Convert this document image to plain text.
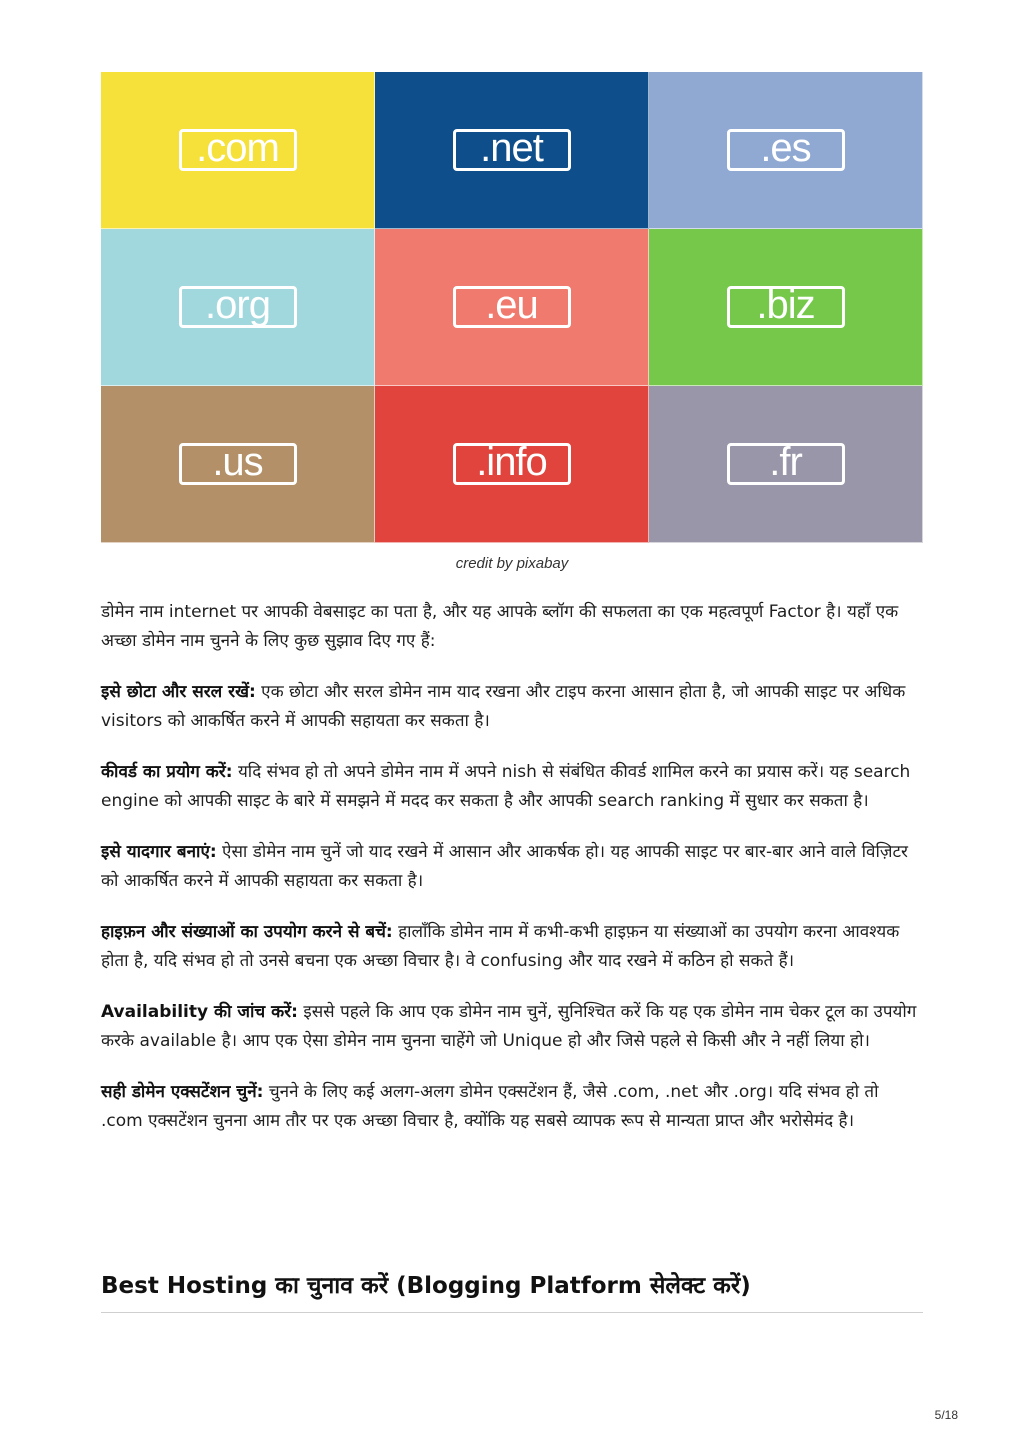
.com	.net	.es
.org	.eu	.biz
.us	.info	.fr
credit by pixabay

डोमेन नाम internet पर आपकी वेबसाइट का पता है, और यह आपके ब्लॉग की सफलता का एक महत्वपूर्ण Factor है। यहाँ एक अच्छा डोमेन नाम चुनने के लिए कुछ सुझाव दिए गए हैं:

इसे छोटा और सरल रखें: एक छोटा और सरल डोमेन नाम याद रखना और टाइप करना आसान होता है, जो आपकी साइट पर अधिक visitors को आकर्षित करने में आपकी सहायता कर सकता है।

कीवर्ड का प्रयोग करें: यदि संभव हो तो अपने डोमेन नाम में अपने nish से संबंधित कीवर्ड शामिल करने का प्रयास करें। यह search engine को आपकी साइट के बारे में समझने में मदद कर सकता है और आपकी search ranking में सुधार कर सकता है।

इसे यादगार बनाएं: ऐसा डोमेन नाम चुनें जो याद रखने में आसान और आकर्षक हो। यह आपकी साइट पर बार-बार आने वाले विज़िटर को आकर्षित करने में आपकी सहायता कर सकता है।

हाइफ़न और संख्याओं का उपयोग करने से बचें: हालाँकि डोमेन नाम में कभी-कभी हाइफ़न या संख्याओं का उपयोग करना आवश्यक होता है, यदि संभव हो तो उनसे बचना एक अच्छा विचार है। वे confusing और याद रखने में कठिन हो सकते हैं।

Availability की जांच करें: इससे पहले कि आप एक डोमेन नाम चुनें, सुनिश्चित करें कि यह एक डोमेन नाम चेकर टूल का उपयोग करके available है। आप एक ऐसा डोमेन नाम चुनना चाहेंगे जो Unique हो और जिसे पहले से किसी और ने नहीं लिया हो।

सही डोमेन एक्सटेंशन चुनें: चुनने के लिए कई अलग-अलग डोमेन एक्सटेंशन हैं, जैसे .com, .net और .org। यदि संभव हो तो .com एक्सटेंशन चुनना आम तौर पर एक अच्छा विचार है, क्योंकि यह सबसे व्यापक रूप से मान्यता प्राप्त और भरोसेमंद है।

Best Hosting का चुनाव करें (Blogging Platform सेलेक्ट करें)
5/18
